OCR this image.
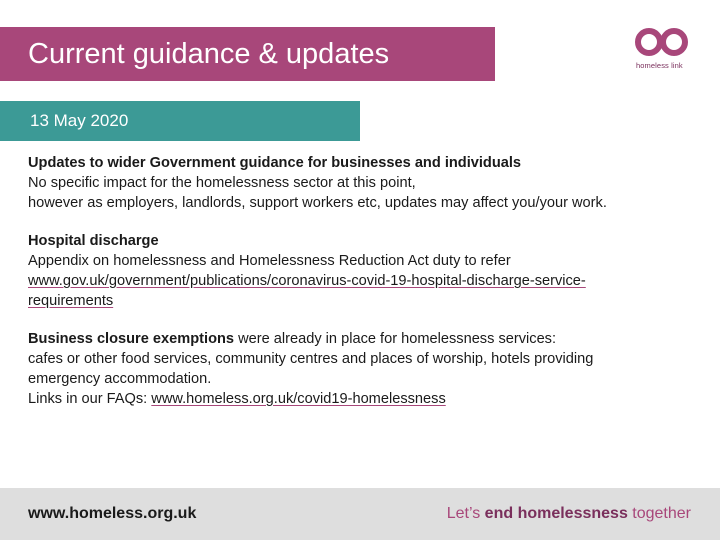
Current guidance & updates	homeless link
13 May 2020

Updates to wider Government guidance for businesses and individuals

No specific impact for the homelessness sector at this point,

however as employers, landlords, support workers etc, updates may affect you/your work.

Hospital discharge

Appendix on homelessness and Homelessness Reduction Act duty to refer

www.gov.uk/government/publications/coronavirus-covid-19-hospital-discharge-service-

requirements

Business closure exemptions were already in place for homelessness services:

cafes or other food services, community centres and places of worship, hotels providing

emergency accommodation.

Links in our FAQs: www.homeless.org.uk/covid19-homelessness

www.homeless.org.uk	Let’s end homelessness together
